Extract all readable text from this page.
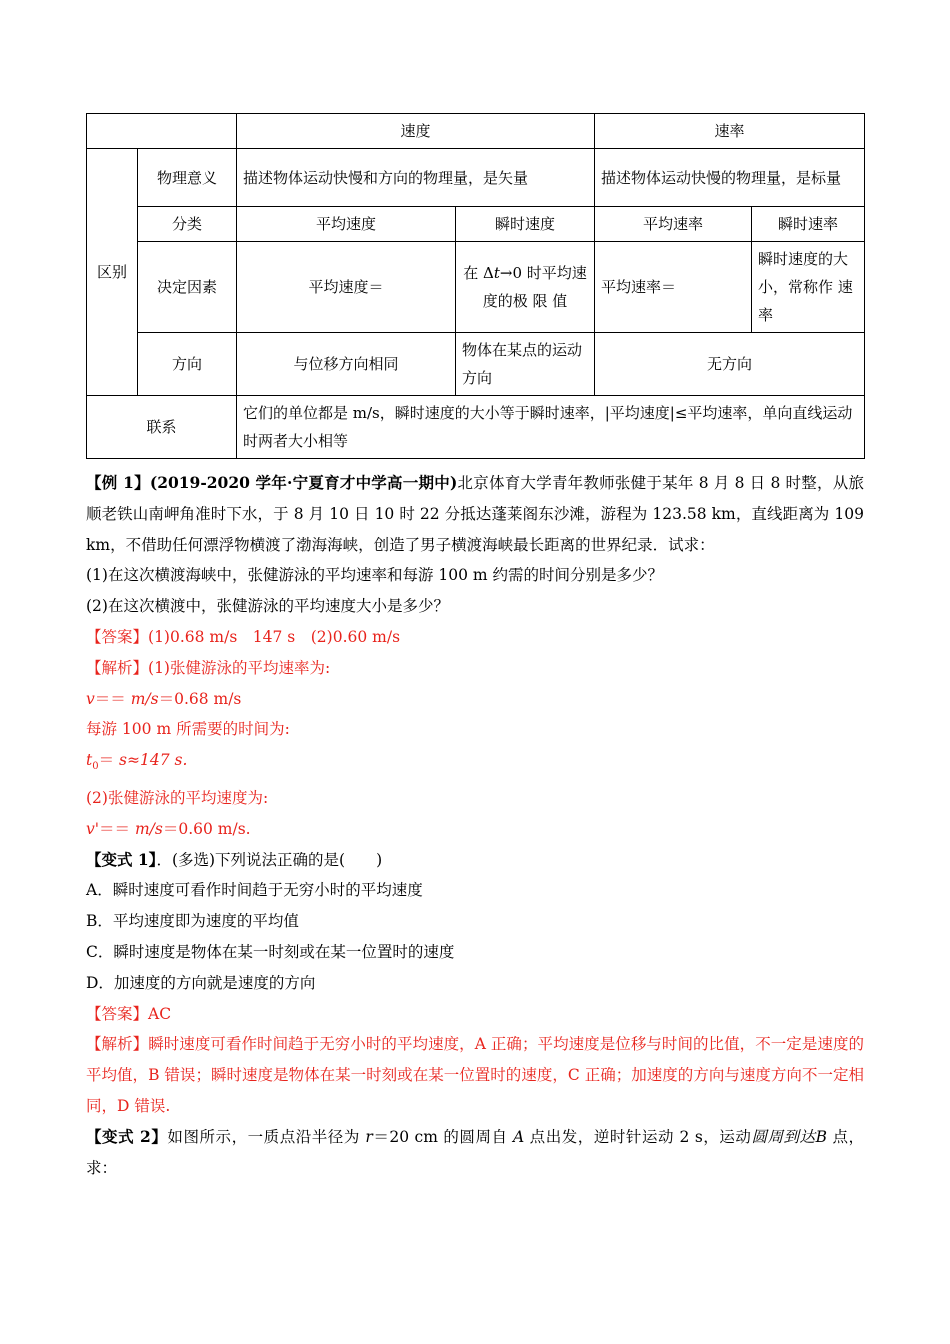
		速度		速率	
区别	物理意义	描述物体运动快慢和方向的物理量，是矢量		描述物体运动快慢的物理量，是标量	
	分类	平均速度	瞬时速度	平均速率	瞬时速率
	决定因素	平均速度＝	在 Δt→0 时平均速度的极 限 值	平均速率＝	瞬时速度的大小，常称作 速 率
	方向	与位移方向相同	物体在某点的运动方向	无方向	
联系		它们的单位都是 m/s，瞬时速度的大小等于瞬时速率，|平均速度|≤平均速率，单向直线运动时两者大小相等			

【例 1】(2019-2020 学年·宁夏育才中学高一期中)北京体育大学青年教师张健于某年 8 月 8 日 8 时整，从旅顺老铁山南岬角准时下水，于 8 月 10 日 10 时 22 分抵达蓬莱阁东沙滩，游程为 123.58 km，直线距离为 109 km，不借助任何漂浮物横渡了渤海海峡，创造了男子横渡海峡最长距离的世界纪录．试求：

(1)在这次横渡海峡中，张健游泳的平均速率和每游 100 m 约需的时间分别是多少？

(2)在这次横渡中，张健游泳的平均速度大小是多少？

【答案】(1)0.68 m/s　147 s　(2)0.60 m/s

【解析】(1)张健游泳的平均速率为:

v＝＝ m/s＝0.68 m/s

每游 100 m 所需要的时间为:

$t_0= s\approx 147$ s.

(2)张健游泳的平均速度为:

v'＝＝ m/s＝0.60 m/s.

【变式 1】．(多选)下列说法正确的是(　　)

A．瞬时速度可看作时间趋于无穷小时的平均速度

B．平均速度即为速度的平均值

C．瞬时速度是物体在某一时刻或在某一位置时的速度

D．加速度的方向就是速度的方向

【答案】AC

【解析】瞬时速度可看作时间趋于无穷小时的平均速度，A 正确；平均速度是位移与时间的比值，不一定是速度的平均值，B 错误；瞬时速度是物体在某一时刻或在某一位置时的速度，C 正确；加速度的方向与速度方向不一定相同，D 错误.

【变式 2】如图所示，一质点沿半径为 r＝20 cm 的圆周自 A 点出发，逆时针运动 2 s，运动圆周到达B 点，求：
